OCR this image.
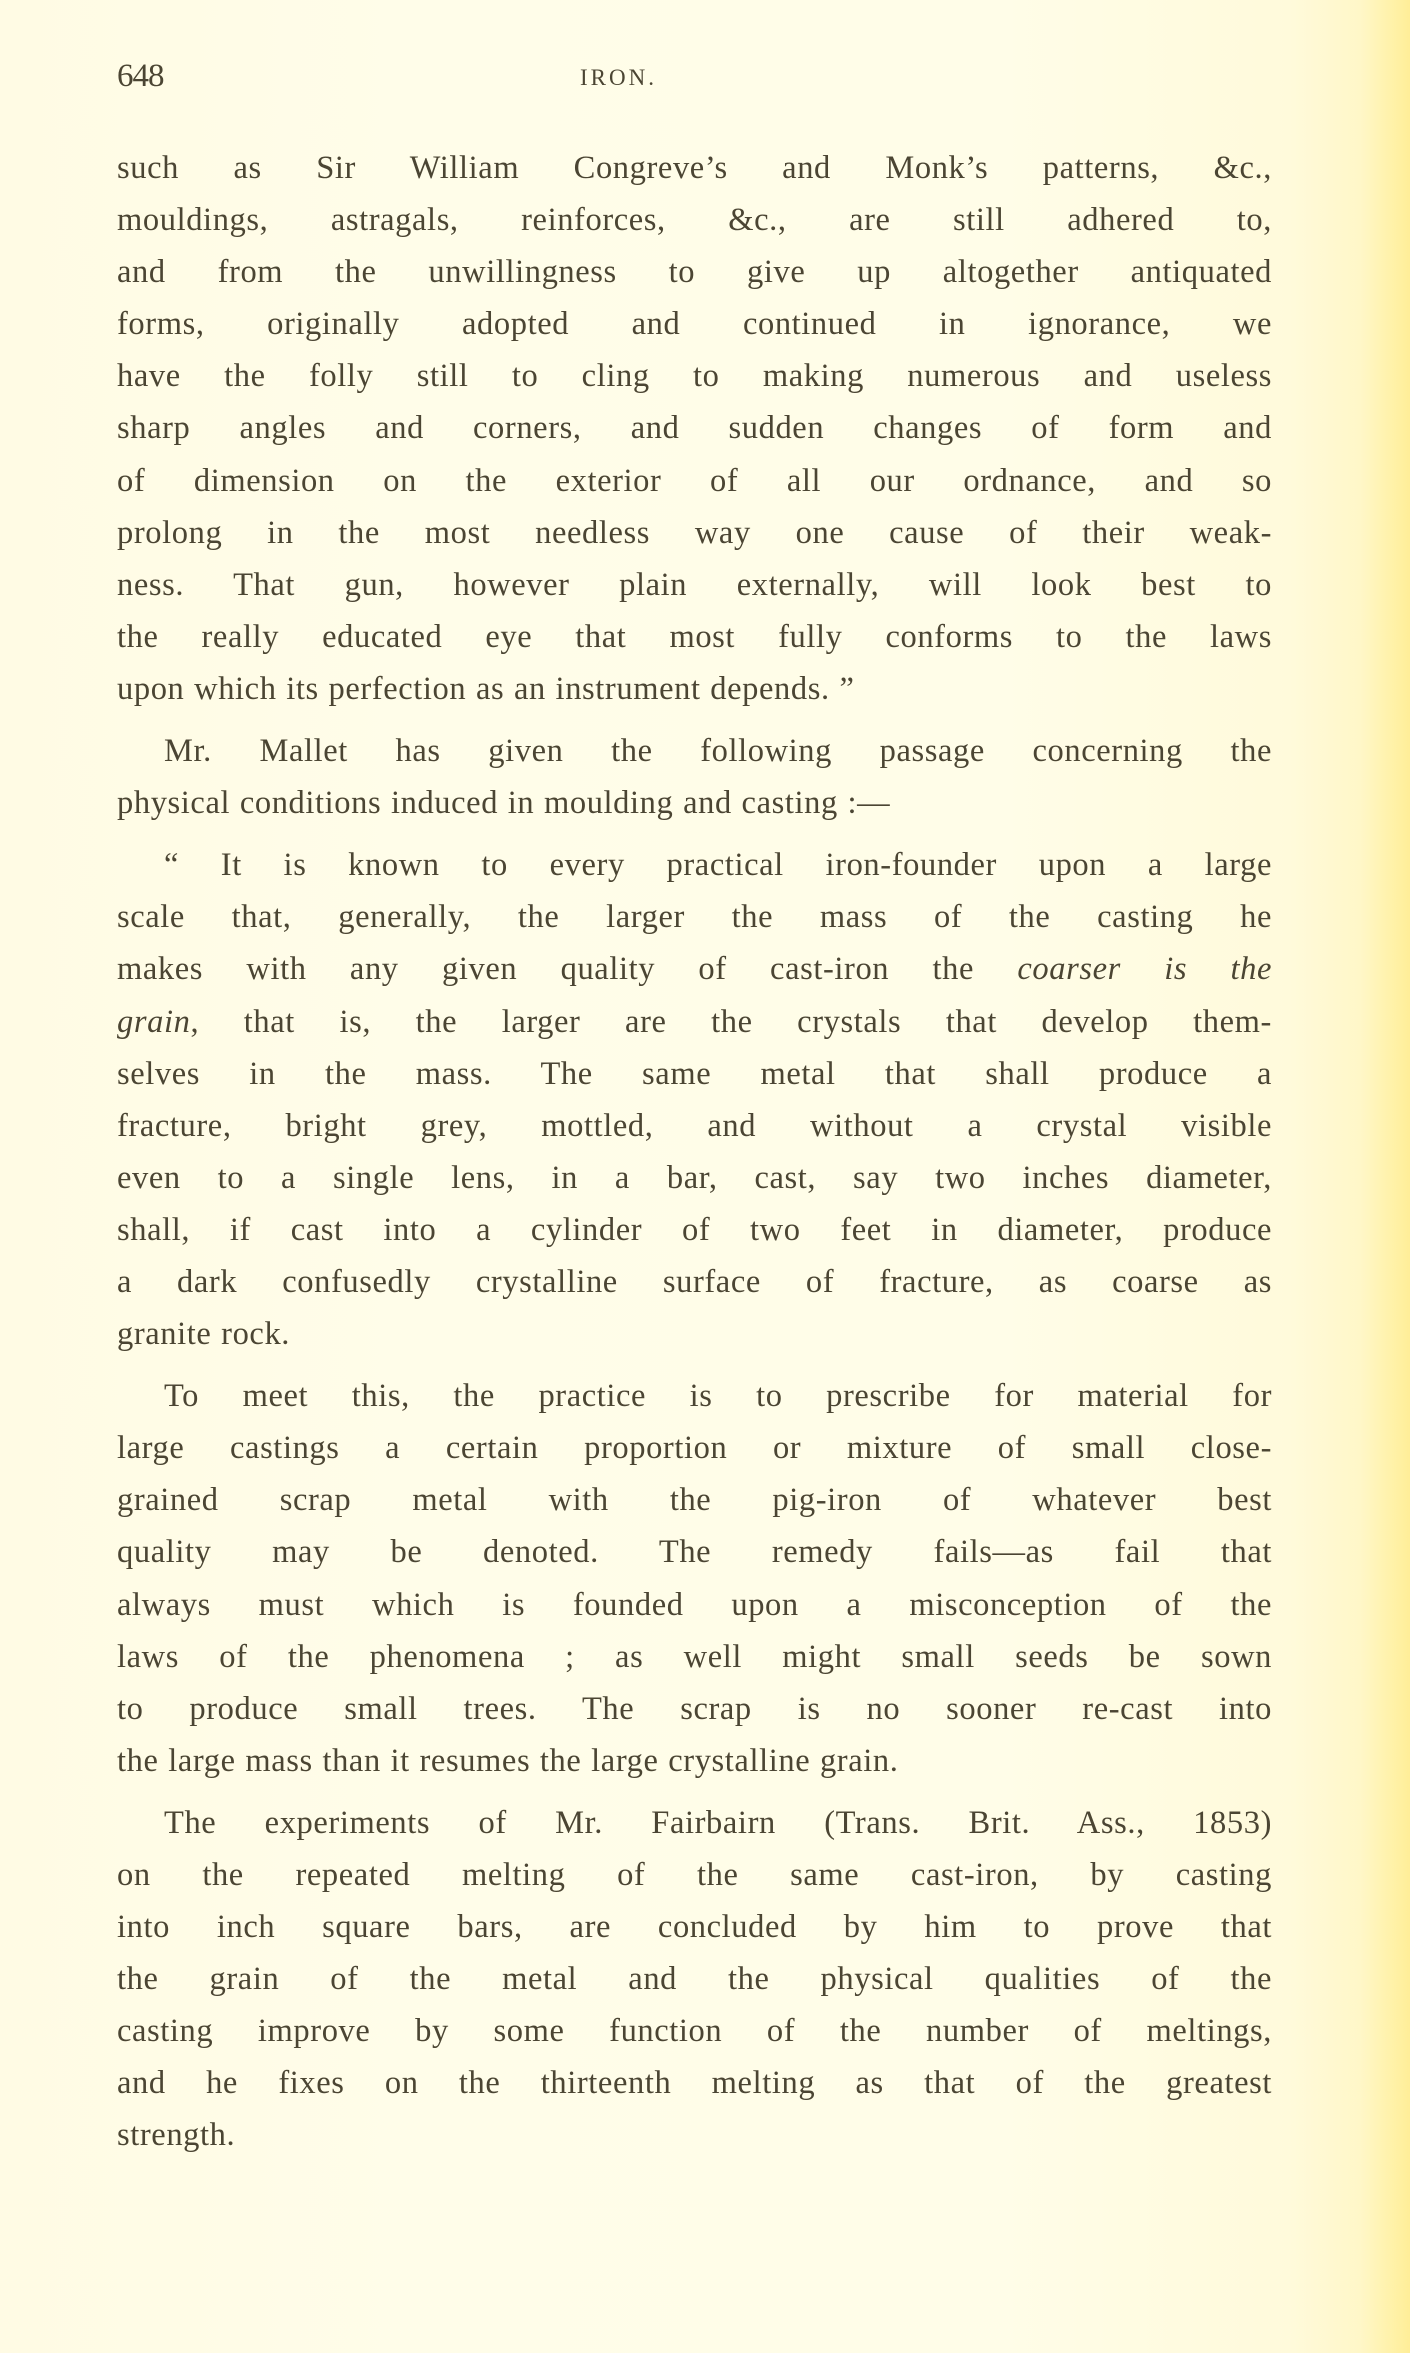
648	IRON.
such as Sir William Congreve’s and Monk’s patterns, &c.,
mouldings, astragals, reinforces, &c., are still adhered to,
and from the unwillingness to give up altogether antiquated
forms, originally adopted and continued in ignorance, we
have the folly still to cling to making numerous and useless
sharp angles and corners, and sudden changes of form and
of dimension on the exterior of all our ordnance, and so
prolong in the most needless way one cause of their weak-
ness. That gun, however plain externally, will look best to
the really educated eye that most fully conforms to the laws
upon which its perfection as an instrument depends. ”
Mr. Mallet has given the following passage concerning the
physical conditions induced in moulding and casting :—
“ It is known to every practical iron-founder upon a large
scale that, generally, the larger the mass of the casting he
makes with any given quality of cast-iron the coarser is the
grain, that is, the larger are the crystals that develop them-
selves in the mass. The same metal that shall produce a
fracture, bright grey, mottled, and without a crystal visible
even to a single lens, in a bar, cast, say two inches diameter,
shall, if cast into a cylinder of two feet in diameter, produce
a dark confusedly crystalline surface of fracture, as coarse as
granite rock.
To meet this, the practice is to prescribe for material for
large castings a certain proportion or mixture of small close-
grained scrap metal with the pig-iron of whatever best
quality may be denoted. The remedy fails—as fail that
always must which is founded upon a misconception of the
laws of the phenomena ; as well might small seeds be sown
to produce small trees. The scrap is no sooner re-cast into
the large mass than it resumes the large crystalline grain.
The experiments of Mr. Fairbairn (Trans. Brit. Ass., 1853)
on the repeated melting of the same cast-iron, by casting
into inch square bars, are concluded by him to prove that
the grain of the metal and the physical qualities of the
casting improve by some function of the number of meltings,
and he fixes on the thirteenth melting as that of the greatest
strength.
